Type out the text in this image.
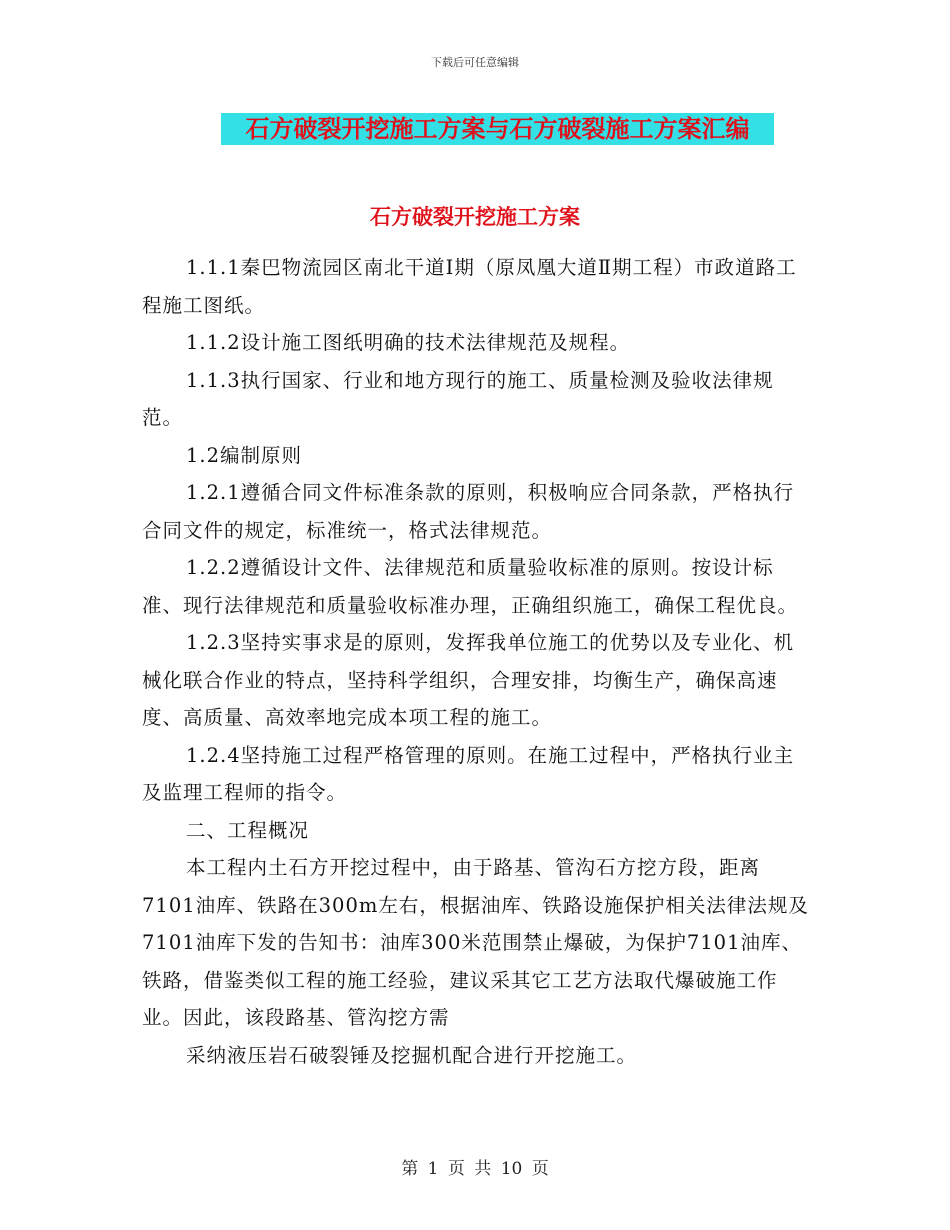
下载后可任意编辑
石方破裂开挖施工方案与石方破裂施工方案汇编
石方破裂开挖施工方案

1.1.1秦巴物流园区南北干道Ⅰ期（原凤凰大道Ⅱ期工程）市政道路工程施工图纸。

1.1.2设计施工图纸明确的技术法律规范及规程。

1.1.3执行国家、行业和地方现行的施工、质量检测及验收法律规范。

1.2编制原则

1.2.1遵循合同文件标准条款的原则，积极响应合同条款，严格执行合同文件的规定，标准统一，格式法律规范。

1.2.2遵循设计文件、法律规范和质量验收标准的原则。按设计标准、现行法律规范和质量验收标准办理，正确组织施工，确保工程优良。

1.2.3坚持实事求是的原则，发挥我单位施工的优势以及专业化、机械化联合作业的特点，坚持科学组织，合理安排，均衡生产，确保高速度、高质量、高效率地完成本项工程的施工。

1.2.4坚持施工过程严格管理的原则。在施工过程中，严格执行业主及监理工程师的指令。

二、工程概况

本工程内土石方开挖过程中，由于路基、管沟石方挖方段，距离7101油库、铁路在300m左右，根据油库、铁路设施保护相关法律法规及7101油库下发的告知书：油库300米范围禁止爆破，为保护7101油库、铁路，借鉴类似工程的施工经验，建议采其它工艺方法取代爆破施工作业。因此，该段路基、管沟挖方需

采纳液压岩石破裂锤及挖掘机配合进行开挖施工。

第 1 页 共 10 页
